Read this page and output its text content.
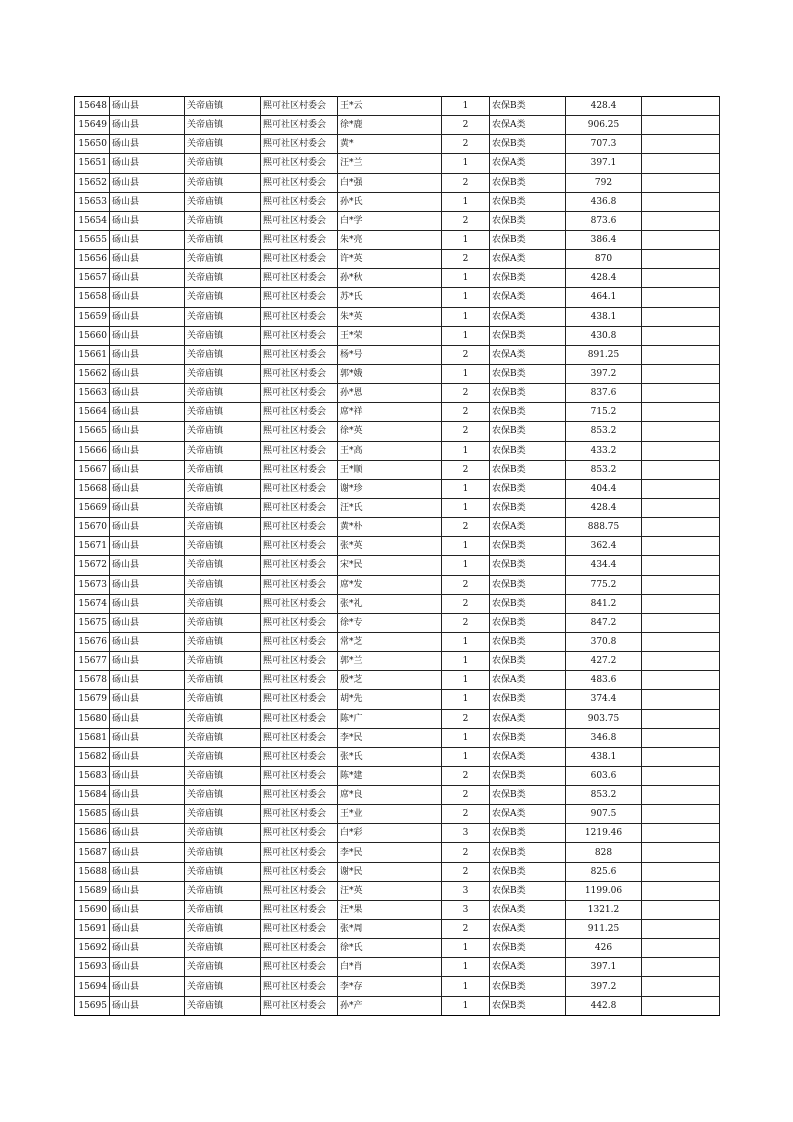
15648	砀山县	关帝庙镇	熙可社区村委会	王*云	1	农保B类	428.4	
15649	砀山县	关帝庙镇	熙可社区村委会	徐*鹿	2	农保A类	906.25	
15650	砀山县	关帝庙镇	熙可社区村委会	黄*	2	农保B类	707.3	
15651	砀山县	关帝庙镇	熙可社区村委会	汪*兰	1	农保A类	397.1	
15652	砀山县	关帝庙镇	熙可社区村委会	白*强	2	农保B类	792	
15653	砀山县	关帝庙镇	熙可社区村委会	孙*氏	1	农保B类	436.8	
15654	砀山县	关帝庙镇	熙可社区村委会	白*学	2	农保B类	873.6	
15655	砀山县	关帝庙镇	熙可社区村委会	朱*亮	1	农保B类	386.4	
15656	砀山县	关帝庙镇	熙可社区村委会	许*英	2	农保A类	870	
15657	砀山县	关帝庙镇	熙可社区村委会	孙*秋	1	农保B类	428.4	
15658	砀山县	关帝庙镇	熙可社区村委会	苏*氏	1	农保A类	464.1	
15659	砀山县	关帝庙镇	熙可社区村委会	朱*英	1	农保A类	438.1	
15660	砀山县	关帝庙镇	熙可社区村委会	王*荣	1	农保B类	430.8	
15661	砀山县	关帝庙镇	熙可社区村委会	杨*号	2	农保A类	891.25	
15662	砀山县	关帝庙镇	熙可社区村委会	郭*娥	1	农保B类	397.2	
15663	砀山县	关帝庙镇	熙可社区村委会	孙*恩	2	农保B类	837.6	
15664	砀山县	关帝庙镇	熙可社区村委会	席*祥	2	农保B类	715.2	
15665	砀山县	关帝庙镇	熙可社区村委会	徐*英	2	农保B类	853.2	
15666	砀山县	关帝庙镇	熙可社区村委会	王*高	1	农保B类	433.2	
15667	砀山县	关帝庙镇	熙可社区村委会	王*顺	2	农保B类	853.2	
15668	砀山县	关帝庙镇	熙可社区村委会	谢*珍	1	农保B类	404.4	
15669	砀山县	关帝庙镇	熙可社区村委会	汪*氏	1	农保B类	428.4	
15670	砀山县	关帝庙镇	熙可社区村委会	黄*朴	2	农保A类	888.75	
15671	砀山县	关帝庙镇	熙可社区村委会	张*英	1	农保B类	362.4	
15672	砀山县	关帝庙镇	熙可社区村委会	宋*民	1	农保B类	434.4	
15673	砀山县	关帝庙镇	熙可社区村委会	席*发	2	农保B类	775.2	
15674	砀山县	关帝庙镇	熙可社区村委会	张*礼	2	农保B类	841.2	
15675	砀山县	关帝庙镇	熙可社区村委会	徐*专	2	农保B类	847.2	
15676	砀山县	关帝庙镇	熙可社区村委会	常*芝	1	农保B类	370.8	
15677	砀山县	关帝庙镇	熙可社区村委会	郭*兰	1	农保B类	427.2	
15678	砀山县	关帝庙镇	熙可社区村委会	殷*芝	1	农保A类	483.6	
15679	砀山县	关帝庙镇	熙可社区村委会	胡*先	1	农保B类	374.4	
15680	砀山县	关帝庙镇	熙可社区村委会	陈*广	2	农保A类	903.75	
15681	砀山县	关帝庙镇	熙可社区村委会	李*民	1	农保B类	346.8	
15682	砀山县	关帝庙镇	熙可社区村委会	张*氏	1	农保A类	438.1	
15683	砀山县	关帝庙镇	熙可社区村委会	陈*建	2	农保B类	603.6	
15684	砀山县	关帝庙镇	熙可社区村委会	席*良	2	农保B类	853.2	
15685	砀山县	关帝庙镇	熙可社区村委会	王*业	2	农保A类	907.5	
15686	砀山县	关帝庙镇	熙可社区村委会	白*彩	3	农保B类	1219.46	
15687	砀山县	关帝庙镇	熙可社区村委会	李*民	2	农保B类	828	
15688	砀山县	关帝庙镇	熙可社区村委会	谢*民	2	农保B类	825.6	
15689	砀山县	关帝庙镇	熙可社区村委会	汪*英	3	农保B类	1199.06	
15690	砀山县	关帝庙镇	熙可社区村委会	汪*果	3	农保A类	1321.2	
15691	砀山县	关帝庙镇	熙可社区村委会	张*周	2	农保A类	911.25	
15692	砀山县	关帝庙镇	熙可社区村委会	徐*氏	1	农保B类	426	
15693	砀山县	关帝庙镇	熙可社区村委会	白*肖	1	农保A类	397.1	
15694	砀山县	关帝庙镇	熙可社区村委会	李*存	1	农保B类	397.2	
15695	砀山县	关帝庙镇	熙可社区村委会	孙*产	1	农保B类	442.8	
